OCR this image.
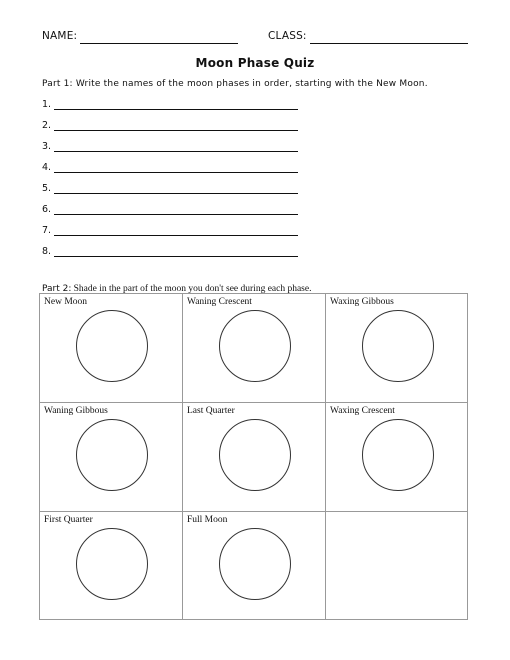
NAME:	CLASS:
Moon Phase Quiz
Part 1: Write the names of the moon phases in order, starting with the New Moon.
1.
2.
3.
4.
5.
6.
7.
8.
Part 2: Shade in the part of the moon you don't see during each phase.
New Moon	Waning Crescent	Waxing Gibbous
Waning Gibbous	Last Quarter	Waxing Crescent
First Quarter	Full Moon
